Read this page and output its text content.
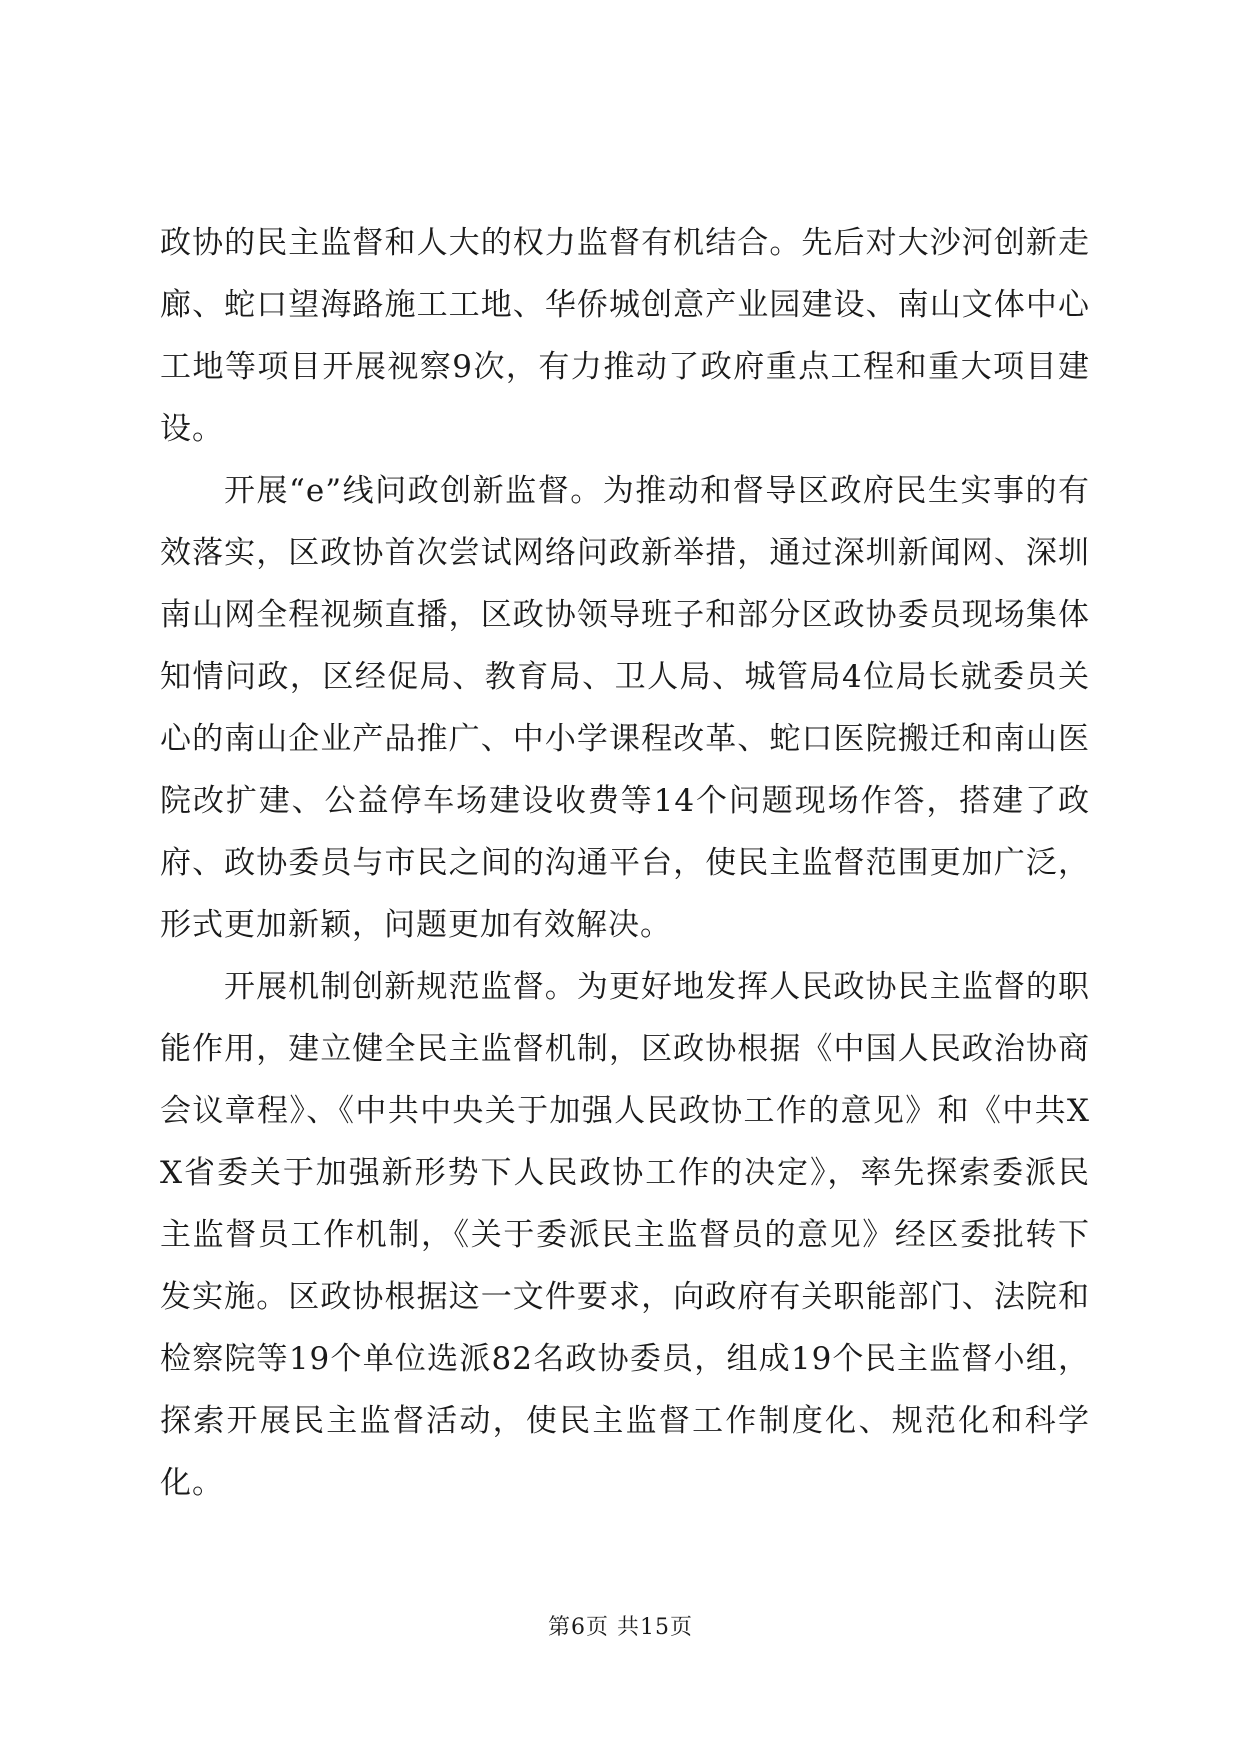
政协的民主监督和人大的权力监督有机结合。先后对大沙河创新走廊、蛇口望海路施工工地、华侨城创意产业园建设、南山文体中心工地等项目开展视察9次，有力推动了政府重点工程和重大项目建设。

开展“e”线问政创新监督。为推动和督导区政府民生实事的有效落实，区政协首次尝试网络问政新举措，通过深圳新闻网、深圳南山网全程视频直播，区政协领导班子和部分区政协委员现场集体知情问政，区经促局、教育局、卫人局、城管局4位局长就委员关心的南山企业产品推广、中小学课程改革、蛇口医院搬迁和南山医院改扩建、公益停车场建设收费等14个问题现场作答，搭建了政府、政协委员与市民之间的沟通平台，使民主监督范围更加广泛，形式更加新颖，问题更加有效解决。

开展机制创新规范监督。为更好地发挥人民政协民主监督的职能作用，建立健全民主监督机制，区政协根据《中国人民政治协商会议章程》、《中共中央关于加强人民政协工作的意见》和《中共XX省委关于加强新形势下人民政协工作的决定》，率先探索委派民主监督员工作机制，《关于委派民主监督员的意见》经区委批转下发实施。区政协根据这一文件要求，向政府有关职能部门、法院和检察院等19个单位选派82名政协委员，组成19个民主监督小组，探索开展民主监督活动，使民主监督工作制度化、规范化和科学化。

第6页 共15页
